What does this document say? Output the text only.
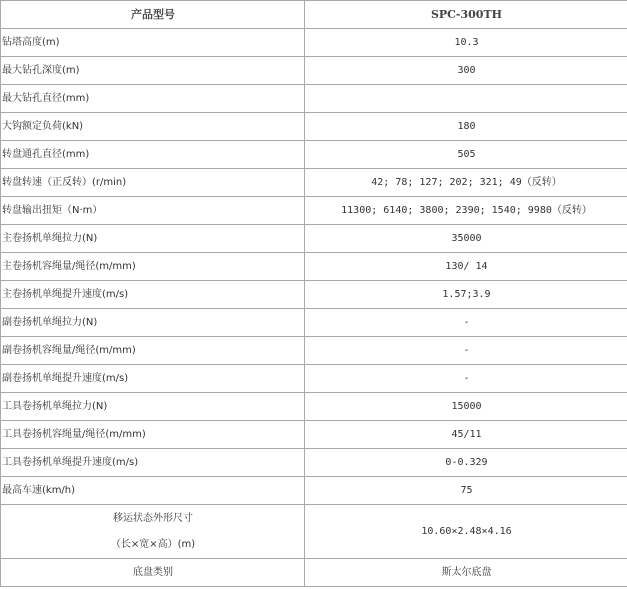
产品型号	SPC-300TH
钻塔高度(m)	10.3
最大钻孔深度(m)	300
最大钻孔直径(mm)	
大钩额定负荷(kN)	180
转盘通孔直径(mm)	505
转盘转速（正反转）(r/min)	42; 78; 127; 202; 321; 49（反转）
转盘输出扭矩（N·m）	11300; 6140; 3800; 2390; 1540; 9980（反转）
主卷扬机单绳拉力(N)	35000
主卷扬机容绳量/绳径(m/mm)	130/ 14
主卷扬机单绳提升速度(m/s)	1.57;3.9
副卷扬机单绳拉力(N)	-
副卷扬机容绳量/绳径(m/mm)	-
副卷扬机单绳提升速度(m/s)	-
工具卷扬机单绳拉力(N)	15000
工具卷扬机容绳量/绳径(m/mm)	45/11
工具卷扬机单绳提升速度(m/s)	0-0.329
最高车速(km/h)	75

移运状态外形尺寸
（长×宽×高）(m)	10.60×2.48×4.16
底盘类别	斯太尔底盘
